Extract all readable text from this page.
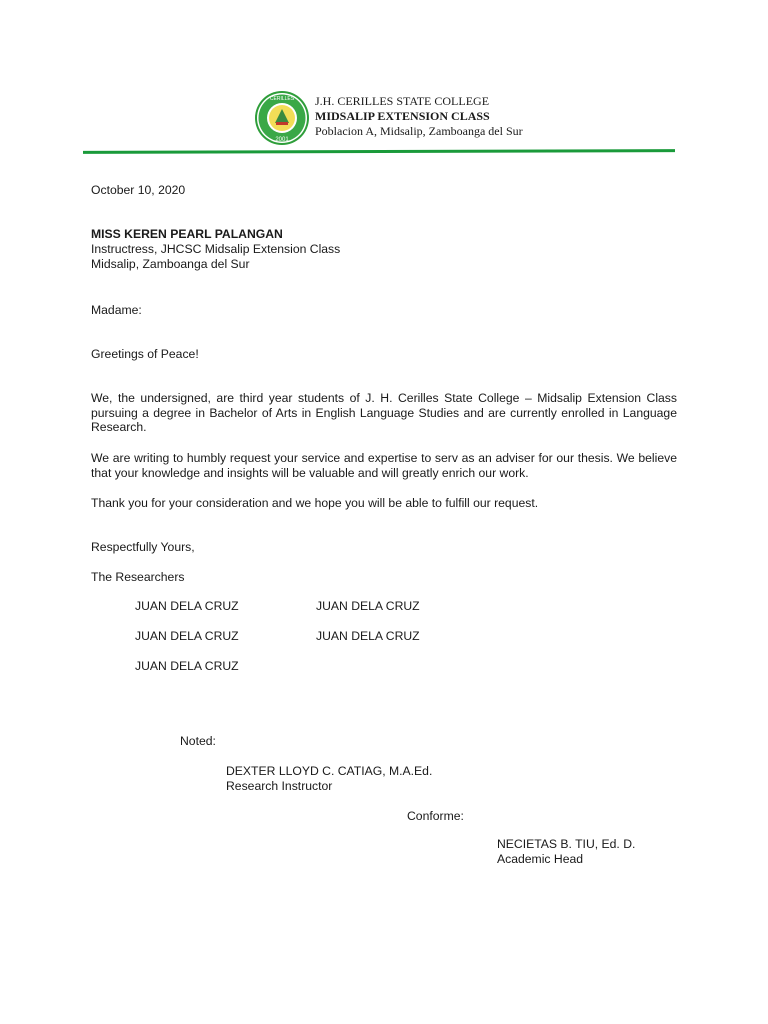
CERILLES
2001
J.H. CERILLES STATE COLLEGE
MIDSALIP EXTENSION CLASS
Poblacion A, Midsalip, Zamboanga del Sur
October 10, 2020
MISS KEREN PEARL PALANGAN
Instructress, JHCSC Midsalip Extension Class
Midsalip, Zamboanga del Sur
Madame:
Greetings of Peace!
We, the undersigned, are third year students of J. H. Cerilles State College – Midsalip Extension Class pursuing a degree in Bachelor of Arts in English Language Studies and are currently enrolled in Language Research.
We are writing to humbly request your service and expertise to serv as an adviser for our thesis. We believe that your knowledge and insights will be valuable and will greatly enrich our work.
Thank you for your consideration and we hope you will be able to fulfill our request.
Respectfully Yours,
The Researchers
JUAN DELA CRUZ	JUAN DELA CRUZ
JUAN DELA CRUZ	JUAN DELA CRUZ
JUAN DELA CRUZ
Noted:
DEXTER LLOYD C. CATIAG, M.A.Ed.
Research Instructor
Conforme:
NECIETAS B. TIU, Ed. D.
Academic Head
